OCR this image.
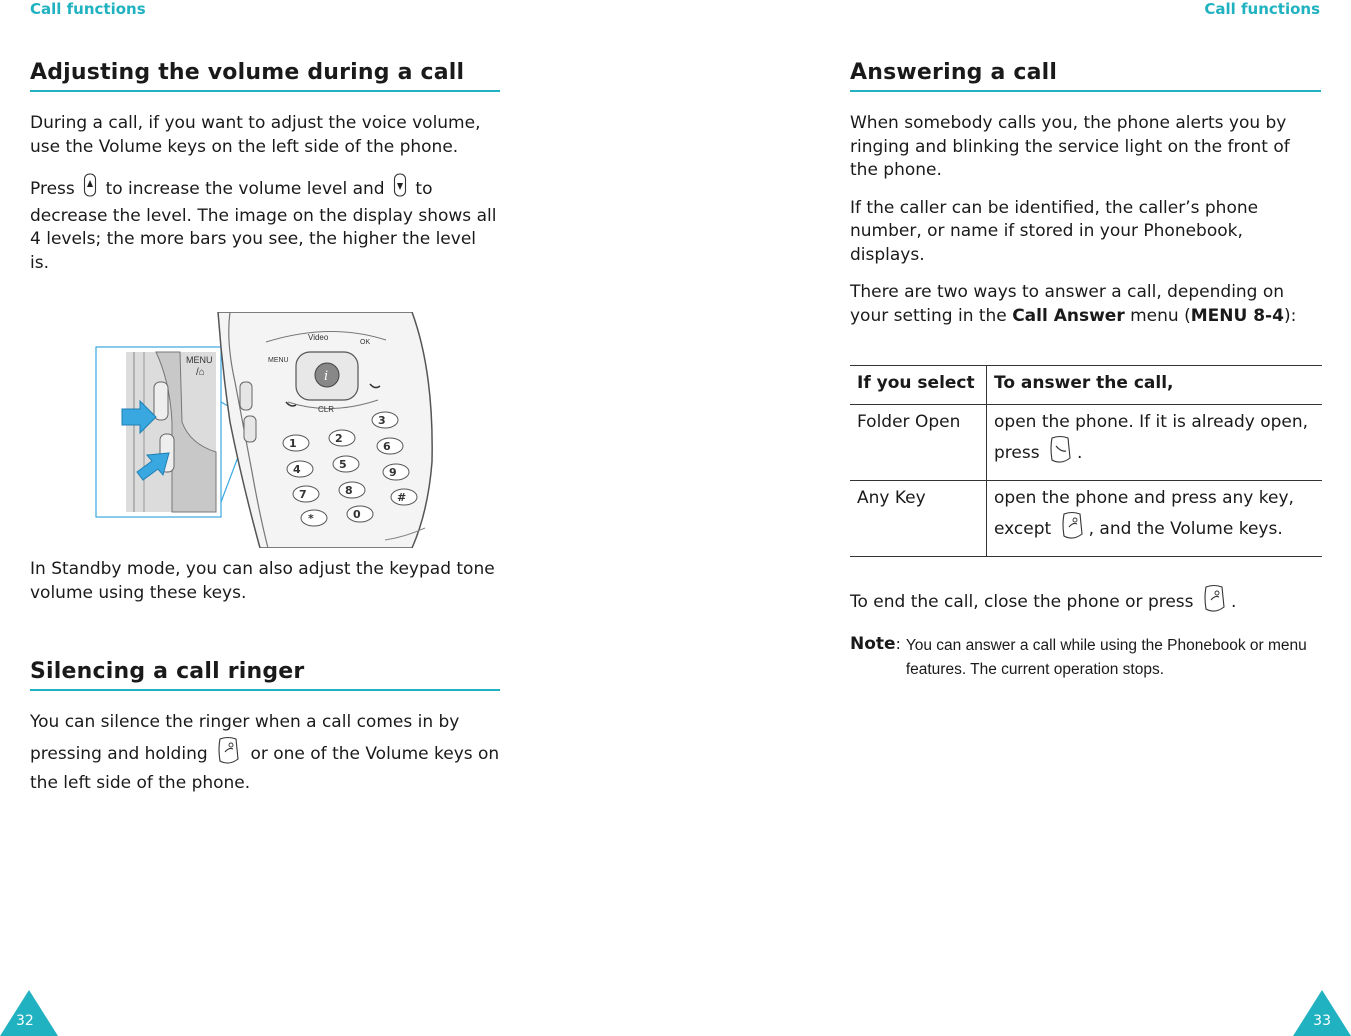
Call functions	Call functions
Adjusting the volume during a call

During a call, if you want to adjust the voice volume, use the Volume keys on the left side of the phone.

Press to increase the volume level and to decrease the level. The image on the display shows all 4 levels; the more bars you see, the higher the level is.

MENU
/⌂
Video
OK
MENU
i
CLR
1	2
3
4	5
6
7	8
9
*	0
#

In Standby mode, you can also adjust the keypad tone volume using these keys.

Silencing a call ringer

You can silence the ringer when a call comes in by pressing and holding	or one of the Volume keys on the left side of the phone.

Answering a call

When somebody calls you, the phone alerts you by ringing and blinking the service light on the front of the phone.

If the caller can be identified, the caller’s phone number, or name if stored in your Phonebook, displays.

There are two ways to answer a call, depending on your setting in the Call Answer menu (MENU 8-4):

If you select	To answer the call,
Folder Open	open the phone. If it is already open, press .
Any Key	open the phone and press any key, except , and the Volume keys.

To end the call, close the phone or press .

Note: You can answer a call while using the Phonebook or menu features. The current operation stops.
32	33
